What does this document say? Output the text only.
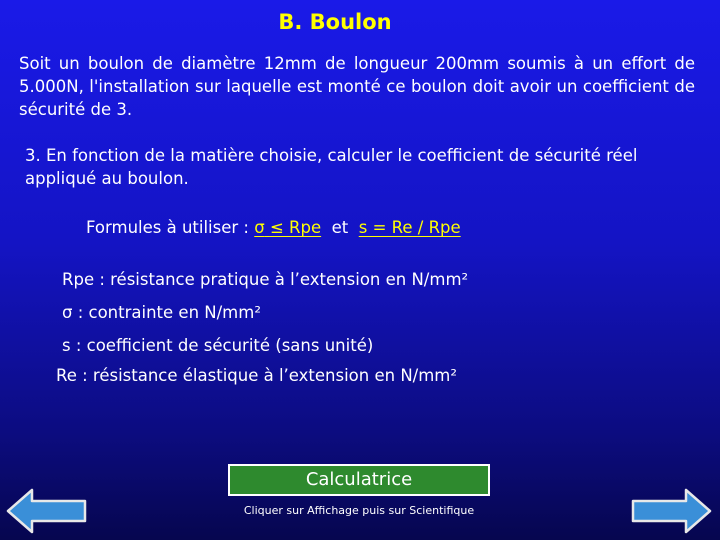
B. Boulon
Soit un boulon de diamètre 12mm de longueur 200mm soumis à un effort de 5.000N, l'installation sur laquelle est monté ce boulon doit avoir un coefficient de sécurité de 3.
3. En fonction de la matière choisie, calculer le coefficient de sécurité réel appliqué au boulon.
Formules à utiliser : σ ≤ Rpe et s = Re / Rpe
Rpe : résistance pratique à l’extension en N/mm²
σ : contrainte en N/mm²
s : coefficient de sécurité (sans unité)
Re : résistance élastique à l’extension en N/mm²
Calculatrice
Cliquer sur Affichage puis sur Scientifique
